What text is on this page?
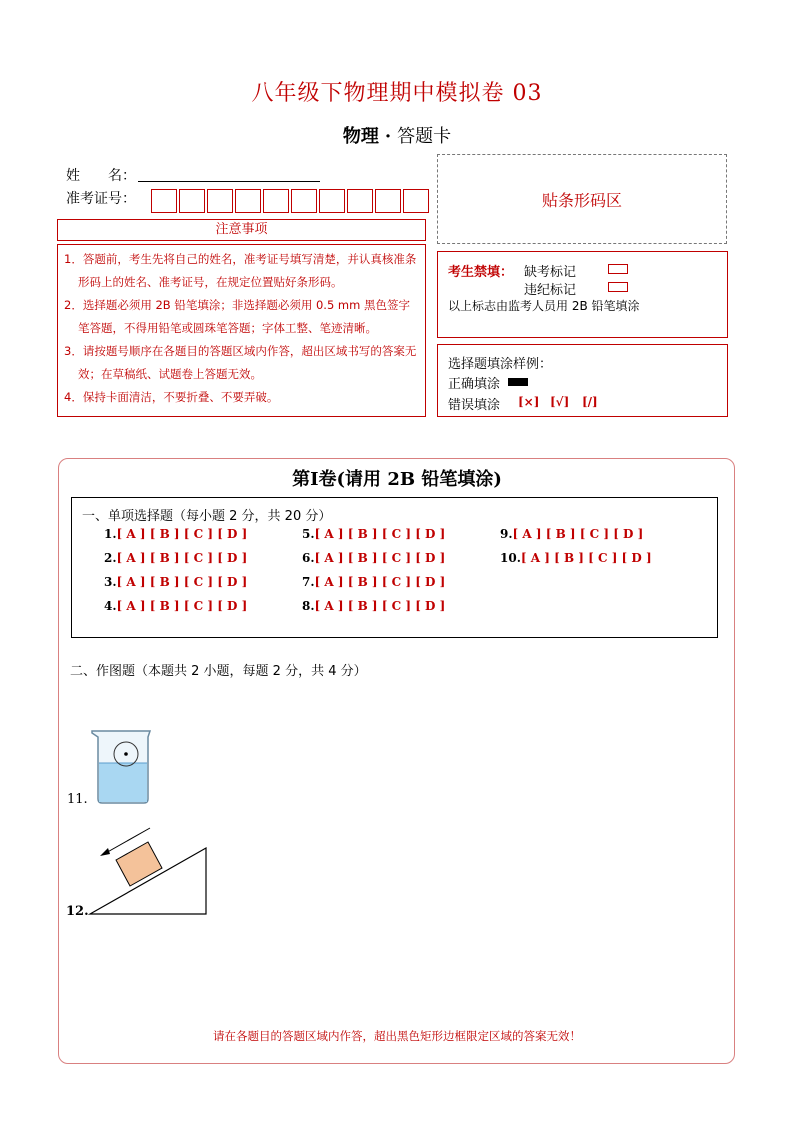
八年级下物理期中模拟卷 03
物理 · 答题卡
姓　　名：
准考证号：	贴条形码区
注意事项
1．答题前，考生先将自己的姓名，准考证号填写清楚，并认真核准条形码上的姓名、准考证号，在规定位置贴好条形码。
2．选择题必须用 2B 铅笔填涂；非选择题必须用 0.5 mm 黑色签字笔答题，不得用铅笔或圆珠笔答题；字体工整、笔迹清晰。
3．请按题号顺序在各题目的答题区域内作答，超出区域书写的答案无效；在草稿纸、试题卷上答题无效。
4．保持卡面清洁，不要折叠、不要弄破。
考生禁填： 缺考标记
违纪标记
以上标志由监考人员用 2B 铅笔填涂
选择题填涂样例：
正确填涂
错误填涂 [×] [√] [/]
第Ⅰ卷(请用 2B 铅笔填涂)
一、单项选择题（每小题 2 分，共 20 分）
1.[ A ] [ B ] [ C ] [ D ]
2.[ A ] [ B ] [ C ] [ D ]
3.[ A ] [ B ] [ C ] [ D ]
4.[ A ] [ B ] [ C ] [ D ]
5.[ A ] [ B ] [ C ] [ D ]
6.[ A ] [ B ] [ C ] [ D ]
7.[ A ] [ B ] [ C ] [ D ]
8.[ A ] [ B ] [ C ] [ D ]
9.[ A ] [ B ] [ C ] [ D ]
10.[ A ] [ B ] [ C ] [ D ]
二、作图题（本题共 2 小题，每题 2 分，共 4 分）
11.
12.
请在各题目的答题区域内作答，超出黑色矩形边框限定区域的答案无效！
